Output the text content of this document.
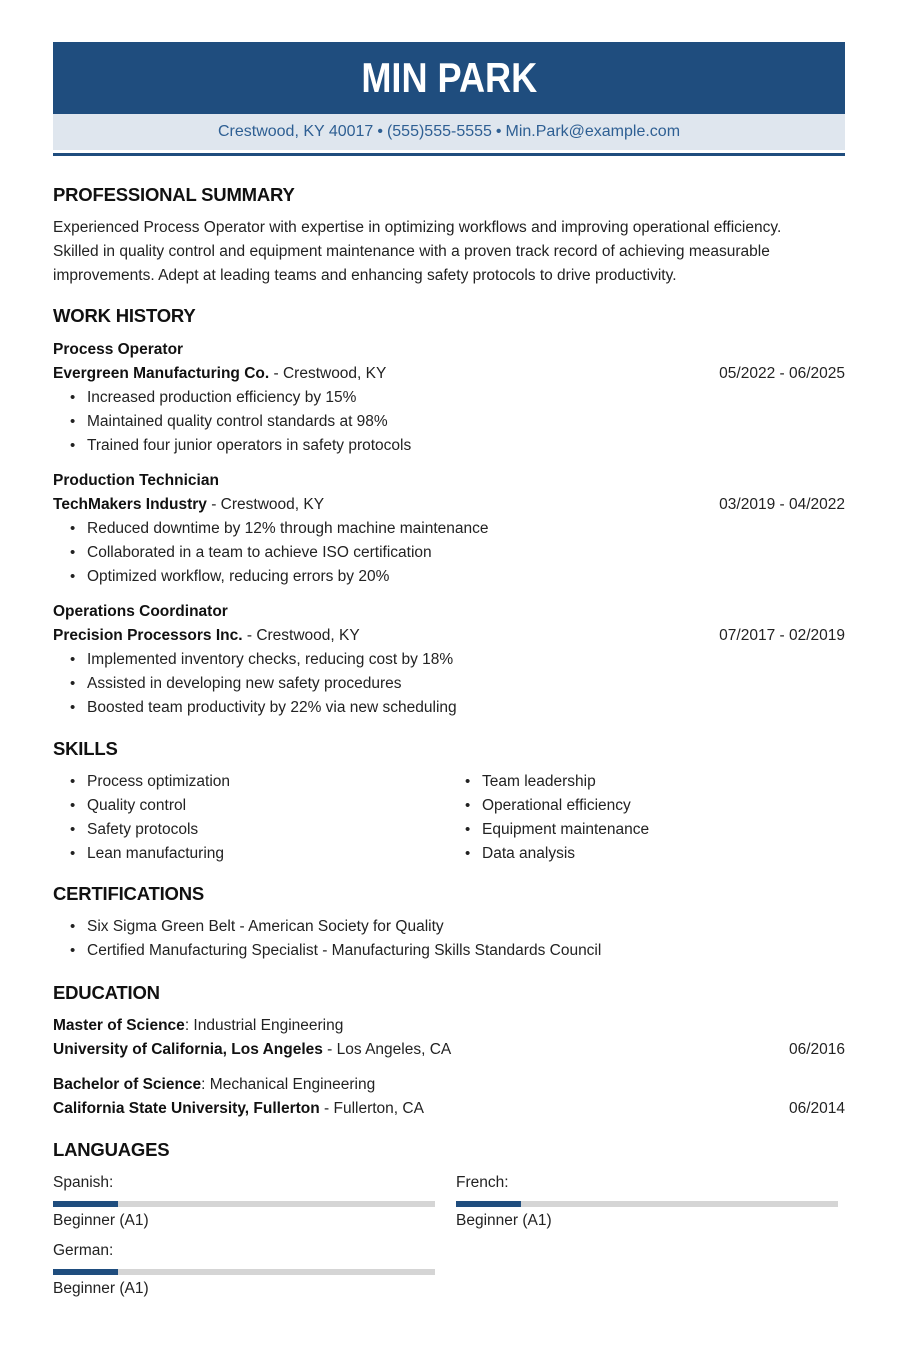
MIN PARK
Crestwood, KY 40017 • (555)555-5555 • Min.Park@example.com
PROFESSIONAL SUMMARY
Experienced Process Operator with expertise in optimizing workflows and improving operational efficiency.
Skilled in quality control and equipment maintenance with a proven track record of achieving measurable
improvements. Adept at leading teams and enhancing safety protocols to drive productivity.
WORK HISTORY
Process Operator
Evergreen Manufacturing Co. - Crestwood, KY	05/2022 - 06/2025
• Increased production efficiency by 15%
• Maintained quality control standards at 98%
• Trained four junior operators in safety protocols
Production Technician
TechMakers Industry - Crestwood, KY	03/2019 - 04/2022
• Reduced downtime by 12% through machine maintenance
• Collaborated in a team to achieve ISO certification
• Optimized workflow, reducing errors by 20%
Operations Coordinator
Precision Processors Inc. - Crestwood, KY	07/2017 - 02/2019
• Implemented inventory checks, reducing cost by 18%
• Assisted in developing new safety procedures
• Boosted team productivity by 22% via new scheduling
SKILLS
• Process optimization
• Quality control
• Safety protocols
• Lean manufacturing
• Team leadership
• Operational efficiency
• Equipment maintenance
• Data analysis
CERTIFICATIONS
• Six Sigma Green Belt - American Society for Quality
• Certified Manufacturing Specialist - Manufacturing Skills Standards Council
EDUCATION
Master of Science: Industrial Engineering
University of California, Los Angeles - Los Angeles, CA	06/2016
Bachelor of Science: Mechanical Engineering
California State University, Fullerton - Fullerton, CA	06/2014
LANGUAGES
Spanish:
Beginner (A1)
French:
Beginner (A1)
German:
Beginner (A1)
